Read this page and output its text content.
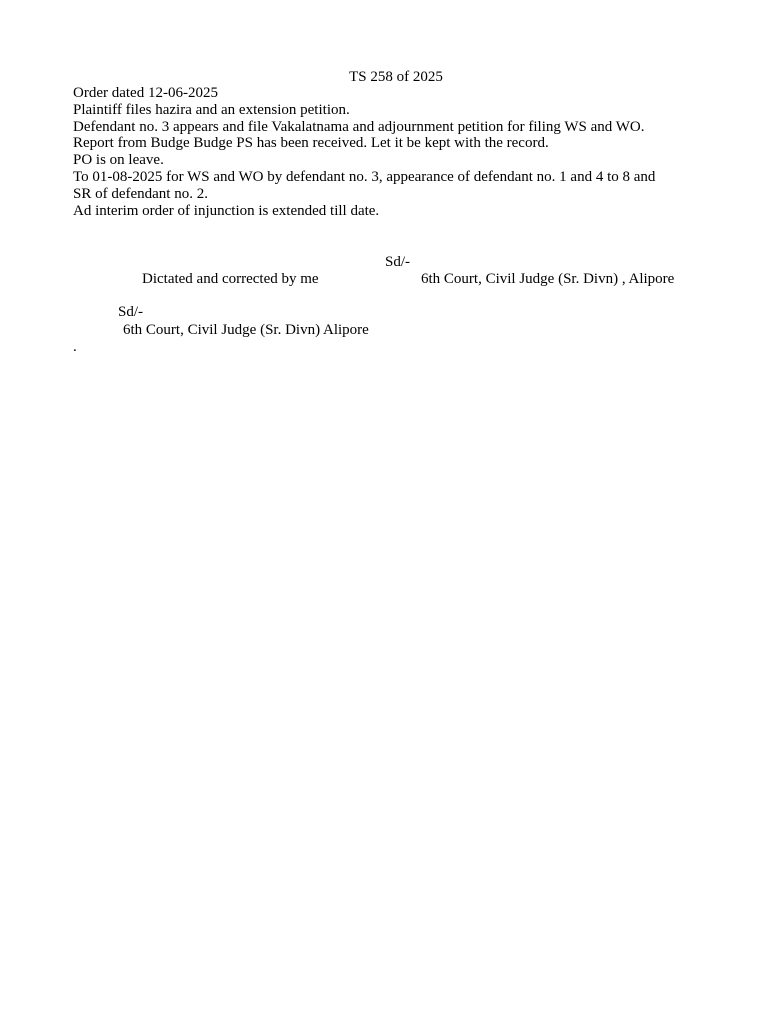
TS 258 of 2025
Order dated 12-06-2025
Plaintiff files hazira and an extension petition.
Defendant no. 3 appears and file Vakalatnama and adjournment petition for filing WS and WO.
Report from Budge Budge PS has been received. Let it be kept with the record.
PO is on leave.
To 01-08-2025 for WS and WO by defendant no. 3, appearance of defendant no. 1 and 4 to 8 and
SR of defendant no. 2.
Ad interim order of injunction is extended till date.
Sd/-
Dictated and corrected by me	6th Court, Civil Judge (Sr. Divn) , Alipore
Sd/-
6th Court, Civil Judge (Sr. Divn) Alipore
.
